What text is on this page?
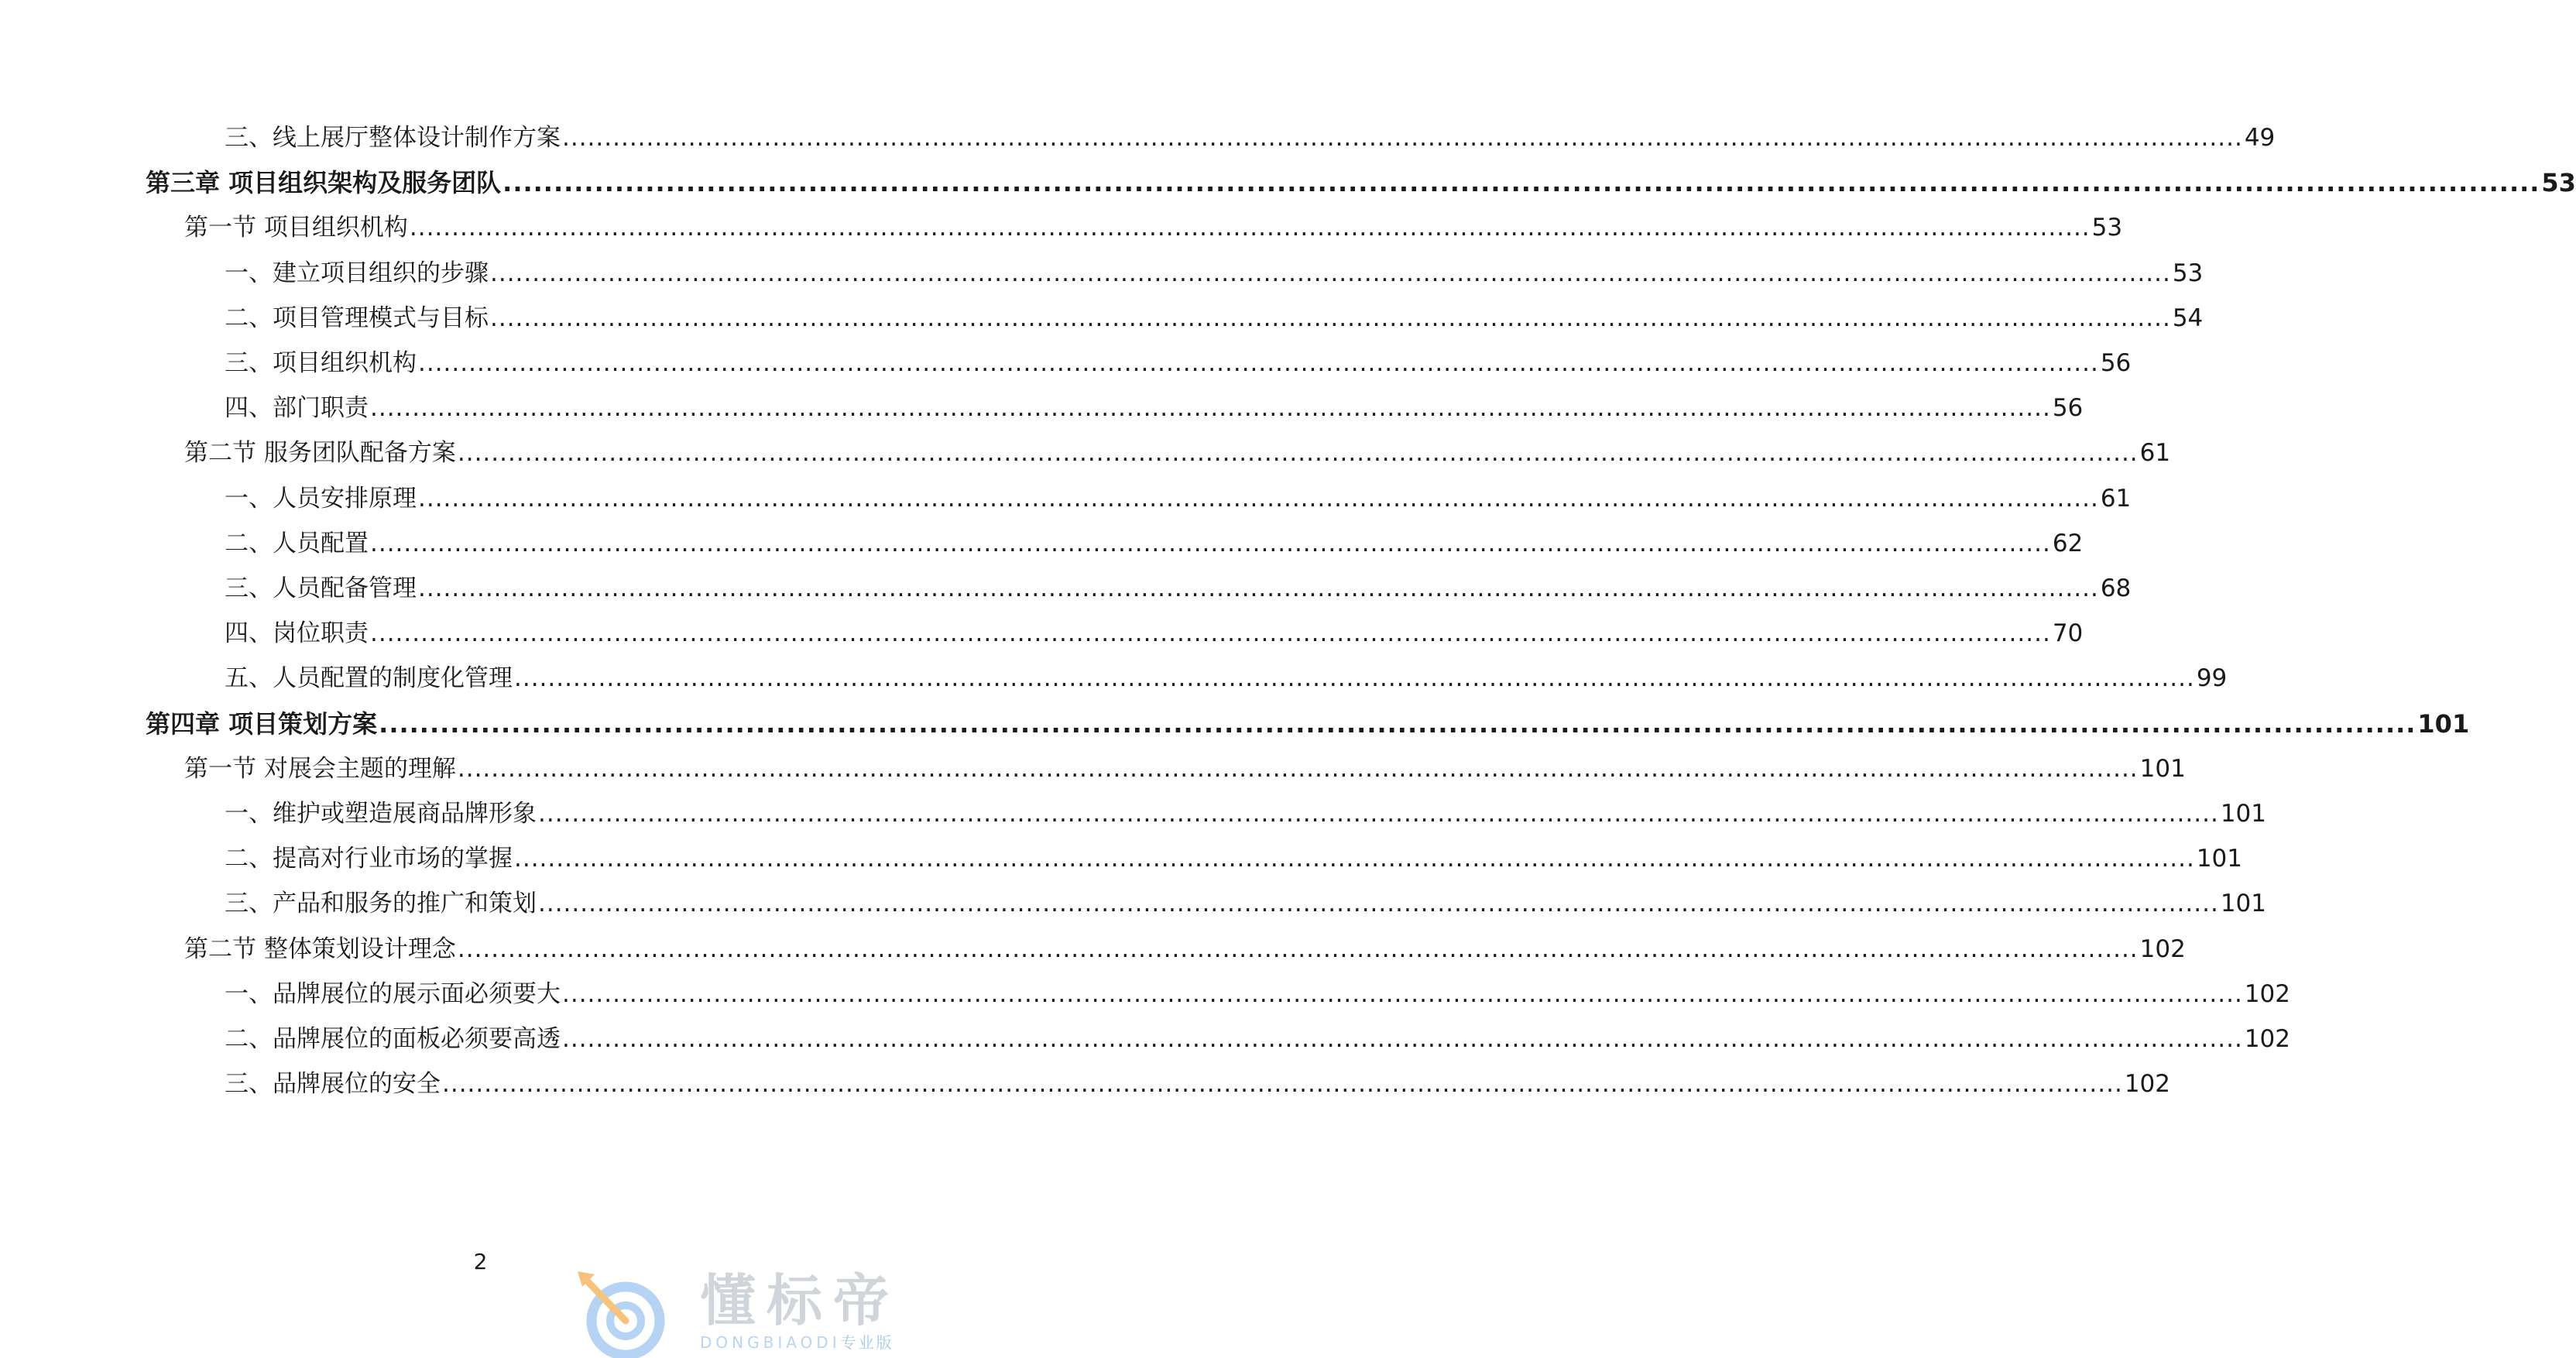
三、线上展厅整体设计制作方案 ........................................................................................................................................................................................................ 49
第三章 项目组织架构及服务团队 ........................................................................................................................................................................................................ 53
第一节 项目组织机构 ........................................................................................................................................................................................................ 53
一、建立项目组织的步骤 ........................................................................................................................................................................................................ 53
二、项目管理模式与目标 ........................................................................................................................................................................................................ 54
三、项目组织机构 ........................................................................................................................................................................................................ 56
四、部门职责 ........................................................................................................................................................................................................ 56
第二节 服务团队配备方案 ........................................................................................................................................................................................................ 61
一、人员安排原理 ........................................................................................................................................................................................................ 61
二、人员配置 ........................................................................................................................................................................................................ 62
三、人员配备管理 ........................................................................................................................................................................................................ 68
四、岗位职责 ........................................................................................................................................................................................................ 70
五、人员配置的制度化管理 ........................................................................................................................................................................................................ 99
第四章 项目策划方案 ........................................................................................................................................................................................................ 101
第一节 对展会主题的理解 ........................................................................................................................................................................................................ 101
一、维护或塑造展商品牌形象 ........................................................................................................................................................................................................ 101
二、提高对行业市场的掌握 ........................................................................................................................................................................................................ 101
三、产品和服务的推广和策划 ........................................................................................................................................................................................................ 101
第二节 整体策划设计理念 ........................................................................................................................................................................................................ 102
一、品牌展位的展示面必须要大 ........................................................................................................................................................................................................ 102
二、品牌展位的面板必须要高透 ........................................................................................................................................................................................................ 102
三、品牌展位的安全 ........................................................................................................................................................................................................ 102
2
懂标帝
DONGBIAODI专业版
